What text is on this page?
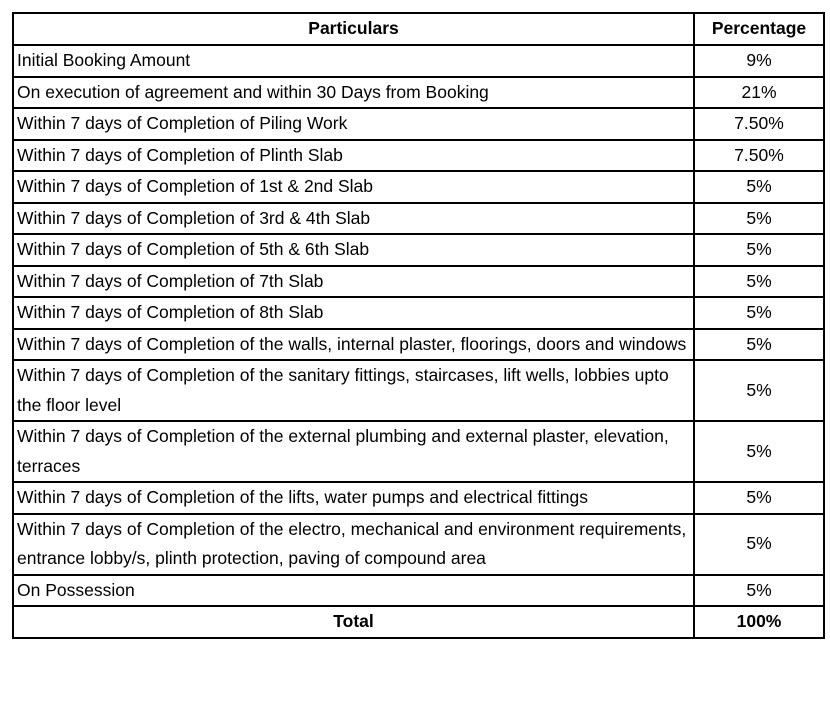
Particulars	Percentage
Initial Booking Amount	9%
On execution of agreement and within 30 Days from Booking	21%
Within 7 days of Completion of Piling Work	7.50%
Within 7 days of Completion of Plinth Slab	7.50%
Within 7 days of Completion of 1st & 2nd Slab	5%
Within 7 days of Completion of 3rd & 4th Slab	5%
Within 7 days of Completion of 5th & 6th Slab	5%
Within 7 days of Completion of 7th Slab	5%
Within 7 days of Completion of 8th Slab	5%
Within 7 days of Completion of the walls, internal plaster, floorings, doors and windows	5%
Within 7 days of Completion of the sanitary fittings, staircases, lift wells, lobbies upto the floor level	5%
Within 7 days of Completion of the external plumbing and external plaster, elevation, terraces	5%
Within 7 days of Completion of the lifts, water pumps and electrical fittings	5%
Within 7 days of Completion of the electro, mechanical and environment requirements, entrance lobby/s, plinth protection, paving of compound area	5%
On Possession	5%
Total	100%
